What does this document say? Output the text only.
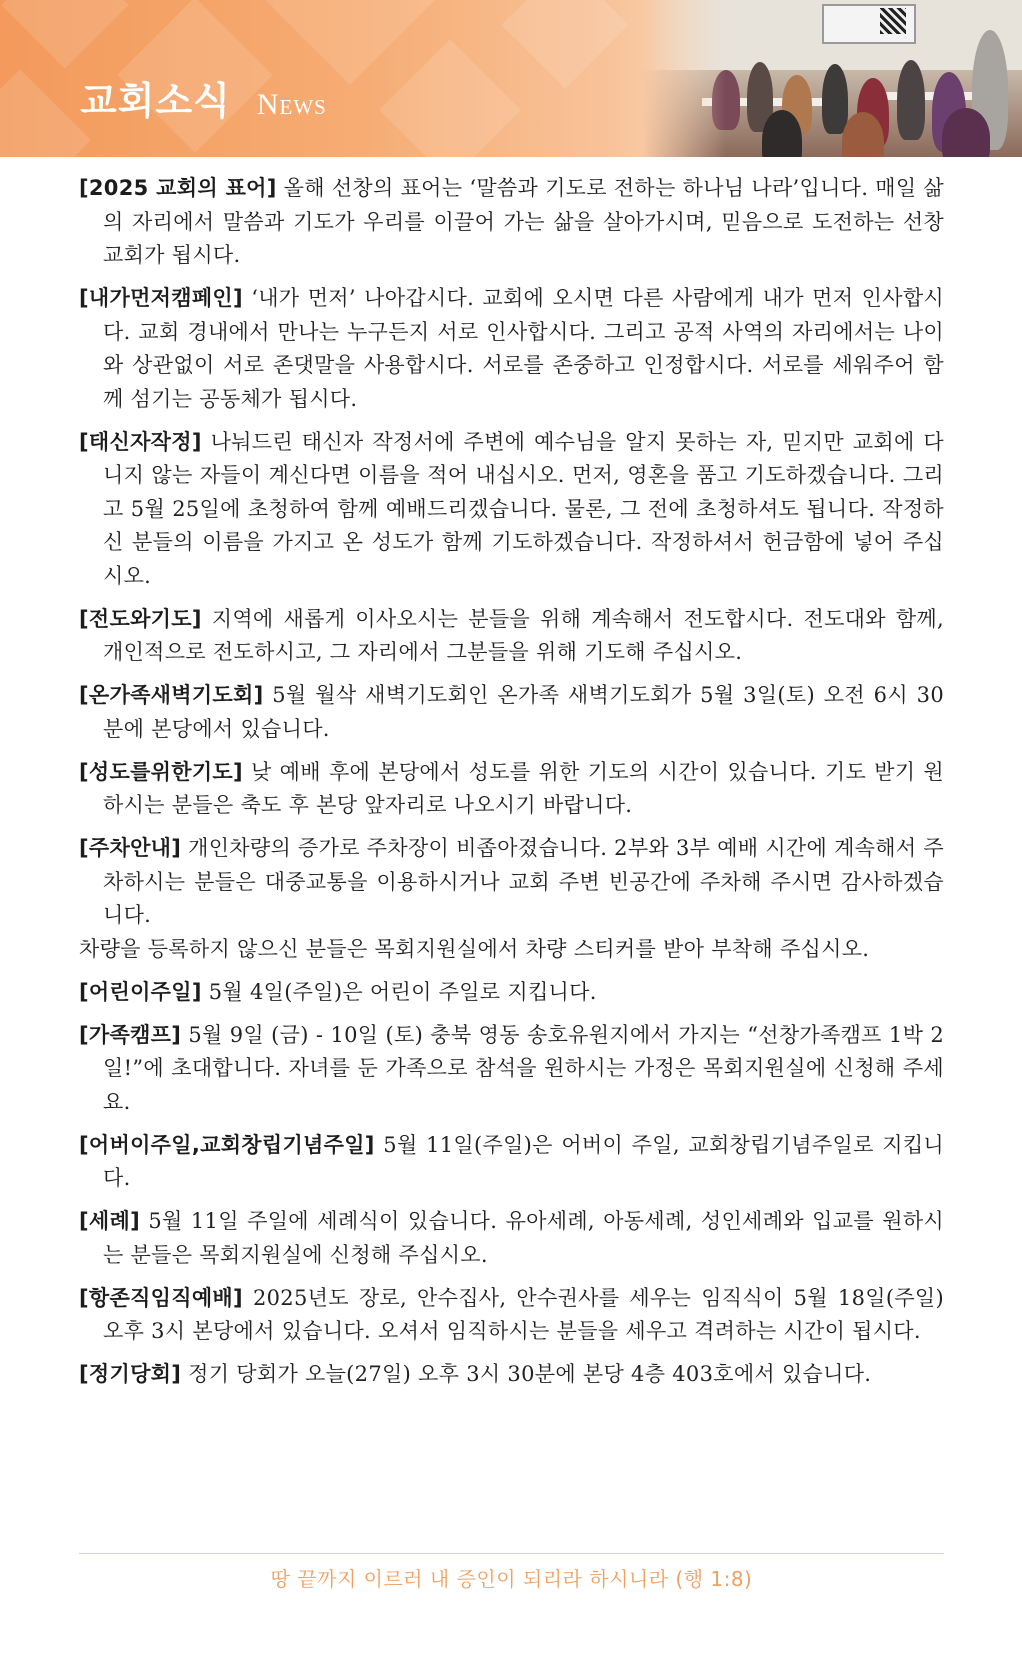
교회소식 News

[2025 교회의 표어] 올해 선창의 표어는 ‘말씀과 기도로 전하는 하나님 나라’입니다. 매일 삶의 자리에서 말씀과 기도가 우리를 이끌어 가는 삶을 살아가시며, 믿음으로 도전하는 선창교회가 됩시다.

[내가먼저캠페인] ‘내가 먼저’ 나아갑시다. 교회에 오시면 다른 사람에게 내가 먼저 인사합시다. 교회 경내에서 만나는 누구든지 서로 인사합시다. 그리고 공적 사역의 자리에서는 나이와 상관없이 서로 존댓말을 사용합시다. 서로를 존중하고 인정합시다. 서로를 세워주어 함께 섬기는 공동체가 됩시다.

[태신자작정] 나눠드린 태신자 작정서에 주변에 예수님을 알지 못하는 자, 믿지만 교회에 다니지 않는 자들이 계신다면 이름을 적어 내십시오. 먼저, 영혼을 품고 기도하겠습니다. 그리고 5월 25일에 초청하여 함께 예배드리겠습니다. 물론, 그 전에 초청하셔도 됩니다. 작정하신 분들의 이름을 가지고 온 성도가 함께 기도하겠습니다. 작정하셔서 헌금함에 넣어 주십시오.

[전도와기도] 지역에 새롭게 이사오시는 분들을 위해 계속해서 전도합시다. 전도대와 함께, 개인적으로 전도하시고, 그 자리에서 그분들을 위해 기도해 주십시오.

[온가족새벽기도회] 5월 월삭 새벽기도회인 온가족 새벽기도회가 5월 3일(토) 오전 6시 30분에 본당에서 있습니다.

[성도를위한기도] 낮 예배 후에 본당에서 성도를 위한 기도의 시간이 있습니다. 기도 받기 원하시는 분들은 축도 후 본당 앞자리로 나오시기 바랍니다.

[주차안내] 개인차량의 증가로 주차장이 비좁아졌습니다. 2부와 3부 예배 시간에 계속해서 주차하시는 분들은 대중교통을 이용하시거나 교회 주변 빈공간에 주차해 주시면 감사하겠습니다.
차량을 등록하지 않으신 분들은 목회지원실에서 차량 스티커를 받아 부착해 주십시오.

[어린이주일] 5월 4일(주일)은 어린이 주일로 지킵니다.

[가족캠프] 5월 9일 (금) - 10일 (토) 충북 영동 송호유원지에서 가지는 “선창가족캠프 1박 2일!”에 초대합니다. 자녀를 둔 가족으로 참석을 원하시는 가정은 목회지원실에 신청해 주세요.

[어버이주일,교회창립기념주일] 5월 11일(주일)은 어버이 주일, 교회창립기념주일로 지킵니다.

[세례] 5월 11일 주일에 세례식이 있습니다. 유아세례, 아동세례, 성인세례와 입교를 원하시는 분들은 목회지원실에 신청해 주십시오.

[항존직임직예배] 2025년도 장로, 안수집사, 안수권사를 세우는 임직식이 5월 18일(주일) 오후 3시 본당에서 있습니다. 오셔서 임직하시는 분들을 세우고 격려하는 시간이 됩시다.

[정기당회] 정기 당회가 오늘(27일) 오후 3시 30분에 본당 4층 403호에서 있습니다.

땅 끝까지 이르러 내 증인이 되리라 하시니라 (행 1:8)
